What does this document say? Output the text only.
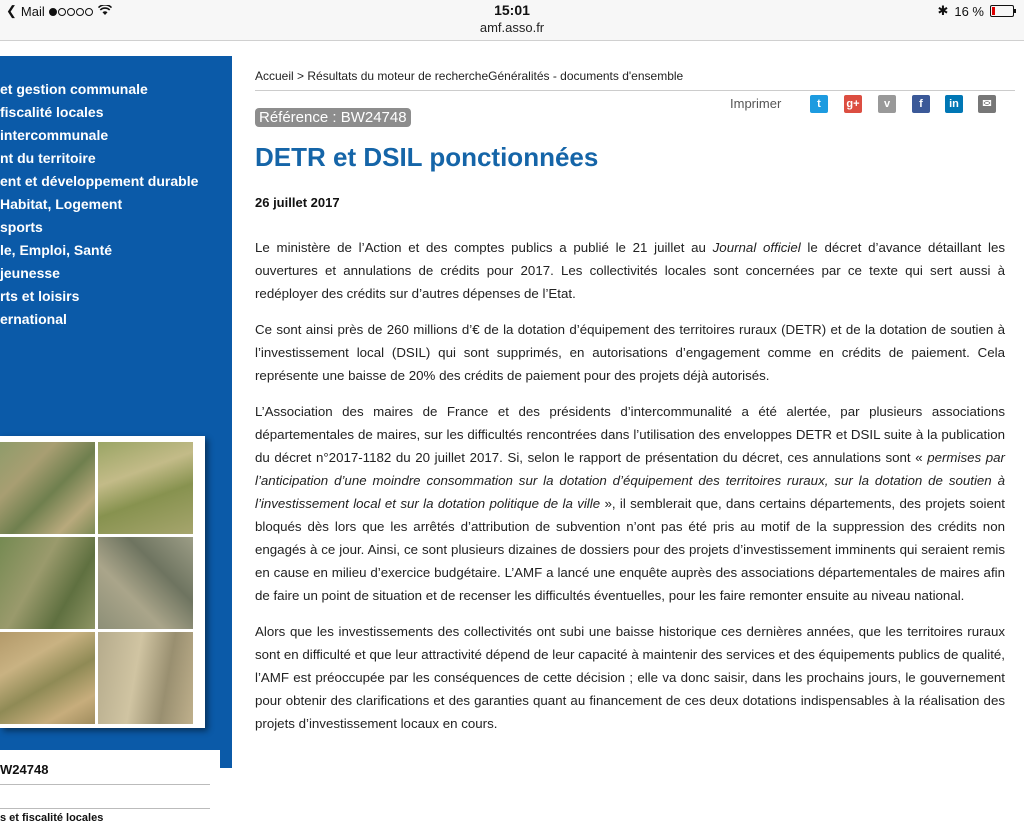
❮ Mail	15:01	✱ 16 %
amf.asso.fr
et gestion communale
fiscalité locales
intercommunale
nt du territoire
ent et développement durable
Habitat, Logement
sports
le, Emploi, Santé
jeunesse
rts et loisirs
ernational
W24748
s et fiscalité locales
Accueil > Résultats du moteur de rechercheGénéralités - documents d'ensemble
Imprimer	t	g+	v	f	in	✉
Référence : BW24748
DETR et DSIL ponctionnées
26 juillet 2017

Le ministère de l’Action et des comptes publics a publié le 21 juillet au Journal officiel le décret d’avance détaillant les ouvertures et annulations de crédits pour 2017. Les collectivités locales sont concernées par ce texte qui sert aussi à redéployer des crédits sur d’autres dépenses de l’Etat.

Ce sont ainsi près de 260 millions d’€ de la dotation d’équipement des territoires ruraux (DETR) et de la dotation de soutien à l’investissement local (DSIL) qui sont supprimés, en autorisations d’engagement comme en crédits de paiement. Cela représente une baisse de 20% des crédits de paiement pour des projets déjà autorisés.

L’Association des maires de France et des présidents d’intercommunalité a été alertée, par plusieurs associations départementales de maires, sur les difficultés rencontrées dans l’utilisation des enveloppes DETR et DSIL suite à la publication du décret n°2017-1182 du 20 juillet 2017. Si, selon le rapport de présentation du décret, ces annulations sont « permises par l’anticipation d’une moindre consommation sur la dotation d’équipement des territoires ruraux, sur la dotation de soutien à l’investissement local et sur la dotation politique de la ville », il semblerait que, dans certains départements, des projets soient bloqués dès lors que les arrêtés d’attribution de subvention n’ont pas été pris au motif de la suppression des crédits non engagés à ce jour. Ainsi, ce sont plusieurs dizaines de dossiers pour des projets d’investissement imminents qui seraient remis en cause en milieu d’exercice budgétaire. L’AMF a lancé une enquête auprès des associations départementales de maires afin de faire un point de situation et de recenser les difficultés éventuelles, pour les faire remonter ensuite au niveau national.

Alors que les investissements des collectivités ont subi une baisse historique ces dernières années, que les territoires ruraux sont en difficulté et que leur attractivité dépend de leur capacité à maintenir des services et des équipements publics de qualité, l’AMF est préoccupée par les conséquences de cette décision ; elle va donc saisir, dans les prochains jours, le gouvernement pour obtenir des clarifications et des garanties quant au financement de ces deux dotations indispensables à la réalisation des projets d’investissement locaux en cours.
